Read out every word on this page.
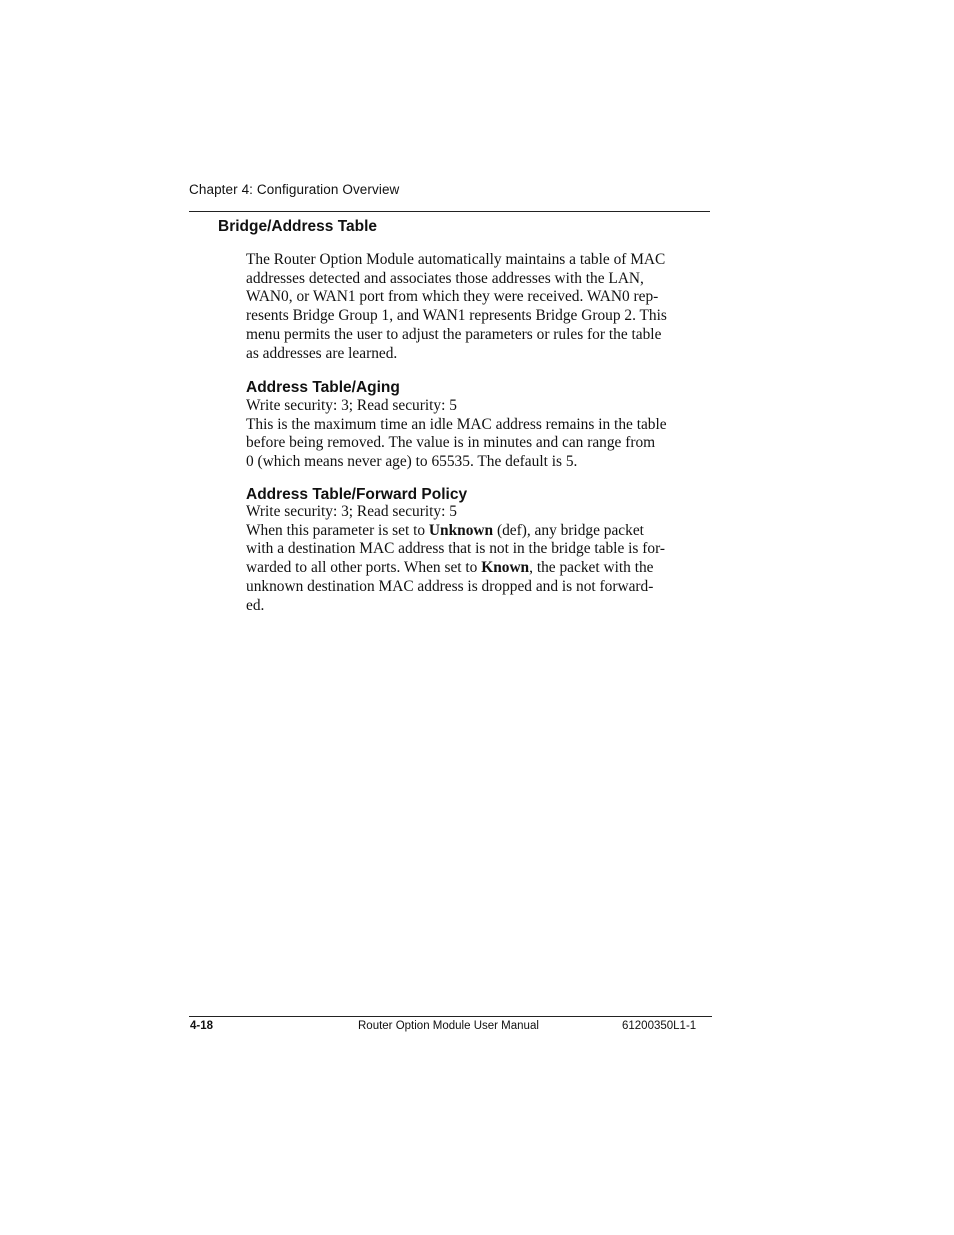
Chapter 4: Configuration Overview
Bridge/Address Table
The Router Option Module automatically maintains a table of MAC
addresses detected and associates those addresses with the LAN,
WAN0, or WAN1 port from which they were received. WAN0 rep-
resents Bridge Group 1, and WAN1 represents Bridge Group 2. This
menu permits the user to adjust the parameters or rules for the table
as addresses are learned.
Address Table/Aging
Write security: 3; Read security: 5
This is the maximum time an idle MAC address remains in the table
before being removed. The value is in minutes and can range from
0 (which means never age) to 65535. The default is 5.
Address Table/Forward Policy
Write security: 3; Read security: 5
When this parameter is set to Unknown (def), any bridge packet
with a destination MAC address that is not in the bridge table is for-
warded to all other ports. When set to Known, the packet with the
unknown destination MAC address is dropped and is not forward-
ed.
4-18	Router Option Module User Manual	61200350L1-1
